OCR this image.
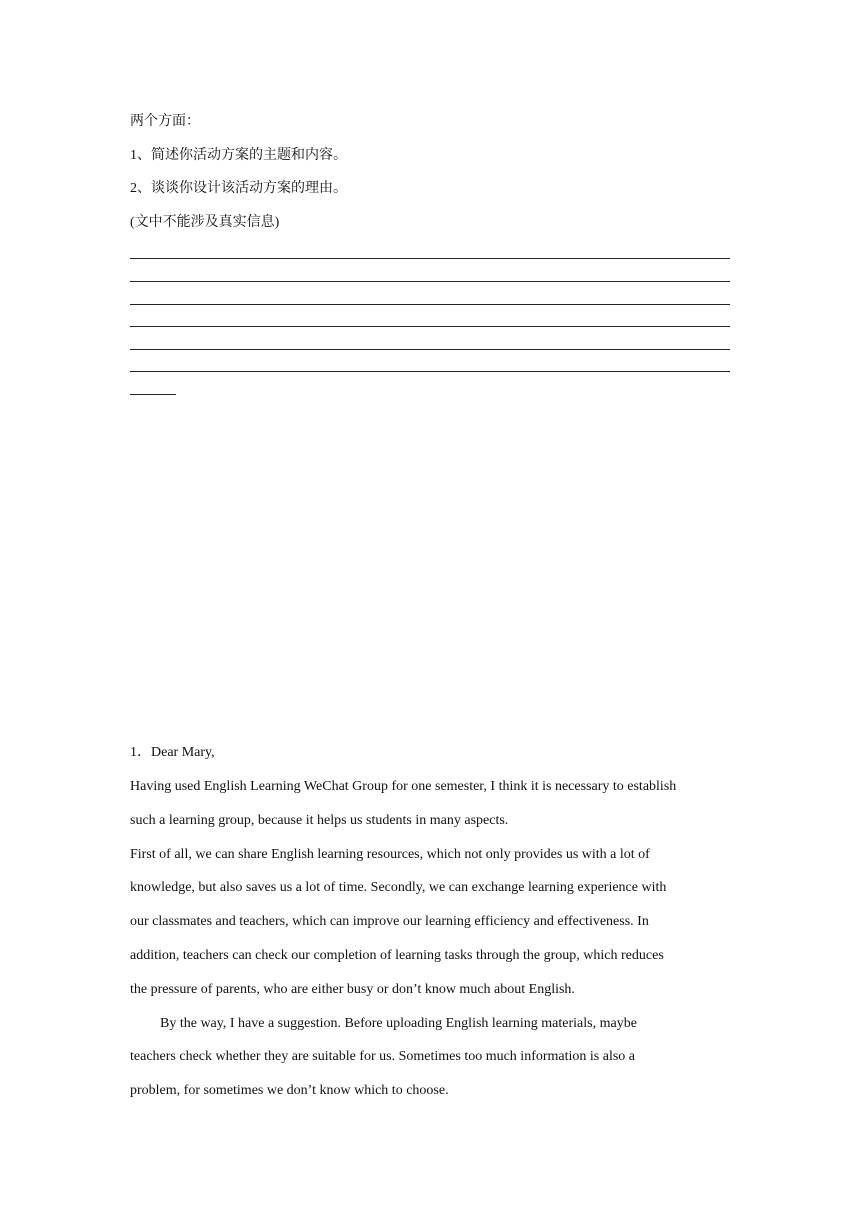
两个方面：
1、简述你活动方案的主题和内容。
2、谈谈你设计该活动方案的理由。
(文中不能涉及真实信息)
1．Dear Mary,
Having used English Learning WeChat Group for one semester, I think it is necessary to establish
such a learning group, because it helps us students in many aspects.
First of all, we can share English learning resources, which not only provides us with a lot of
knowledge, but also saves us a lot of time. Secondly, we can exchange learning experience with
our classmates and teachers, which can improve our learning efficiency and effectiveness. In
addition, teachers can check our completion of learning tasks through the group, which reduces
the pressure of parents, who are either busy or don’t know much about English.
By the way, I have a suggestion. Before uploading English learning materials, maybe
teachers check whether they are suitable for us. Sometimes too much information is also a
problem, for sometimes we don’t know which to choose.
